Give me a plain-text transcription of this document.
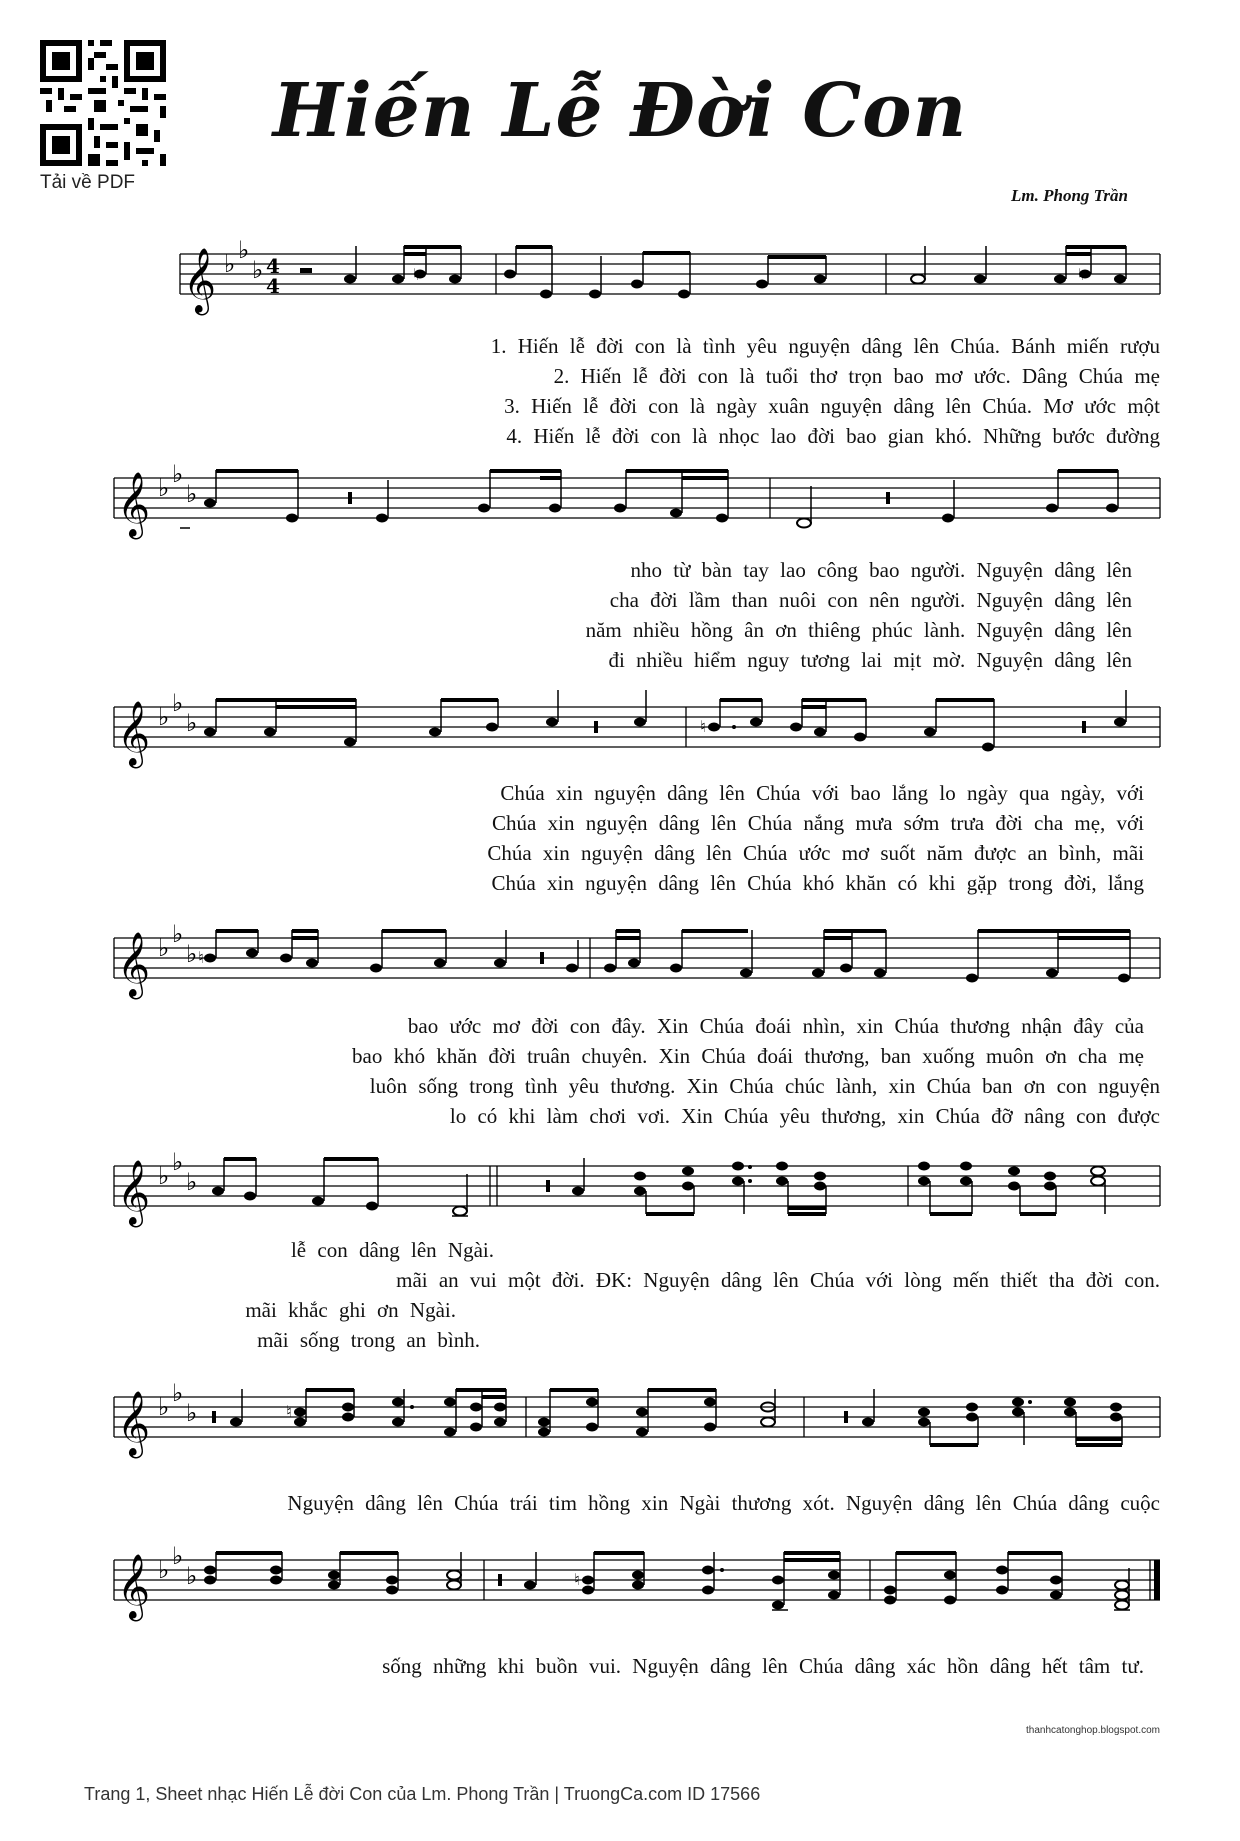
Tải về PDF
Hiến Lễ Đời Con
Lm. Phong Trần
𝄞 ♭ ♭
♭ 4
4	♮	♮
1. Hiến lễ đời con là tình yêu nguyện dâng lên Chúa. Bánh miến rượu
2. Hiến lễ đời con là tuổi thơ trọn bao mơ ước. Dâng Chúa mẹ
3. Hiến lễ đời con là ngày xuân nguyện dâng lên Chúa. Mơ ước một
4. Hiến lễ đời con là nhọc lao đời bao gian khó. Những bước đường
𝄞 ♭ ♭
♭
nho từ bàn tay lao công bao người. Nguyện dâng lên
cha đời lầm than nuôi con nên người. Nguyện dâng lên
năm nhiều hồng ân ơn thiêng phúc lành. Nguyện dâng lên
đi nhiều hiểm nguy tương lai mịt mờ. Nguyện dâng lên
𝄞 ♭ ♭
♭	♮
Chúa xin nguyện dâng lên Chúa với bao lắng lo ngày qua ngày, với
Chúa xin nguyện dâng lên Chúa nắng mưa sớm trưa đời cha mẹ, với
Chúa xin nguyện dâng lên Chúa ước mơ suốt năm được an bình, mãi
Chúa xin nguyện dâng lên Chúa khó khăn có khi gặp trong đời, lắng
𝄞 ♭ ♭
♭ ♮
bao ước mơ đời con đây. Xin Chúa đoái nhìn, xin Chúa thương nhận đây của
bao khó khăn đời truân chuyên. Xin Chúa đoái thương, ban xuống muôn ơn cha mẹ
luôn sống trong tình yêu thương. Xin Chúa chúc lành, xin Chúa ban ơn con nguyện
lo có khi làm chơi vơi. Xin Chúa yêu thương, xin Chúa đỡ nâng con được
𝄞 ♭ ♭
♭
lễ con dâng lên Ngài.
mãi an vui một đời. ĐK: Nguyện dâng lên Chúa với lòng mến thiết tha đời con.
mãi khắc ghi ơn Ngài.
mãi sống trong an bình.
𝄞 ♭ ♭
♭	♮
Nguyện dâng lên Chúa trái tim hồng xin Ngài thương xót. Nguyện dâng lên Chúa dâng cuộc
𝄞 ♭ ♭
♭	♮
sống những khi buồn vui. Nguyện dâng lên Chúa dâng xác hồn dâng hết tâm tư.
thanhcatonghop.blogspot.com
Trang 1, Sheet nhạc Hiến Lễ đời Con của Lm. Phong Trần | TruongCa.com ID 17566
